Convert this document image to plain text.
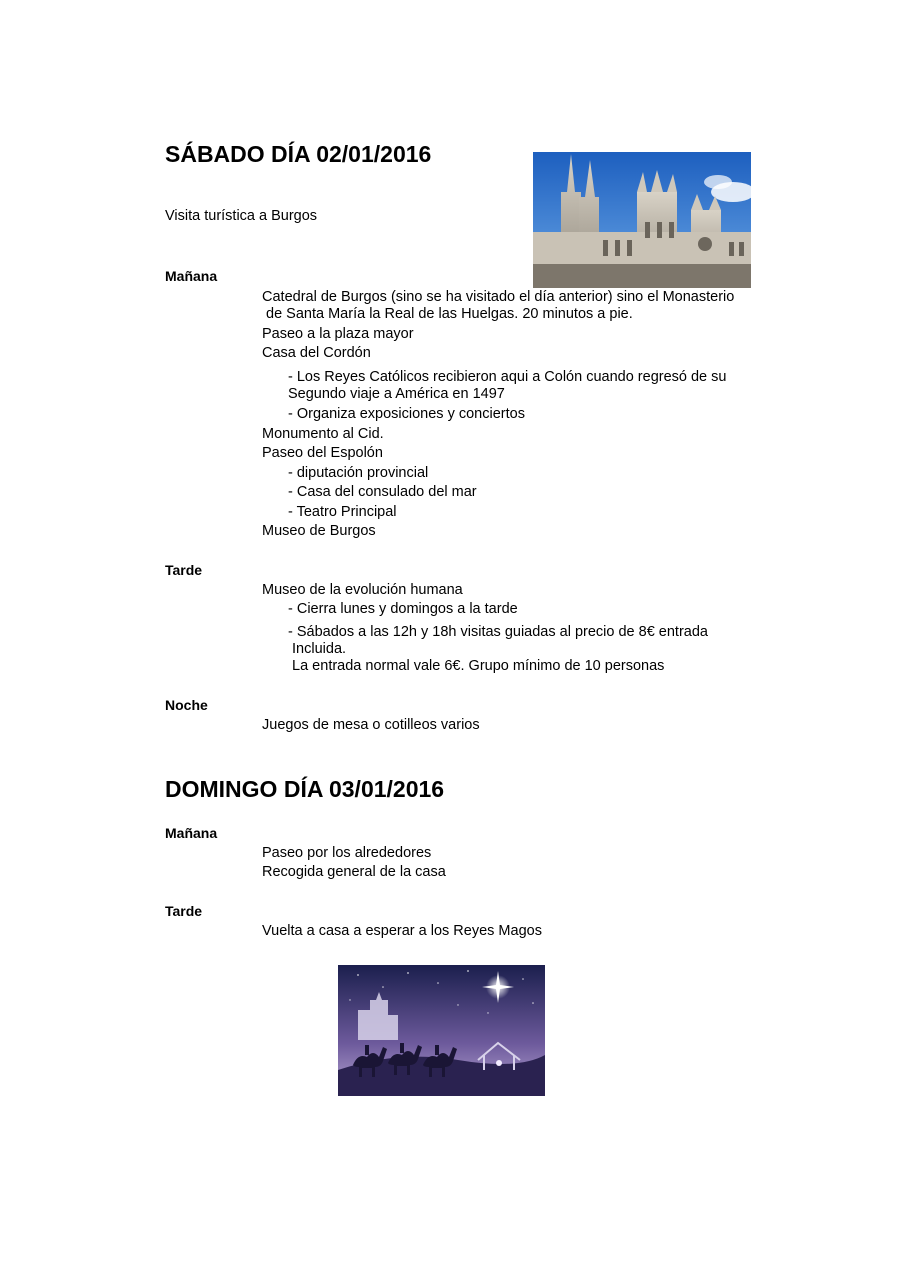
SÁBADO DÍA 02/01/2016
Visita turística a Burgos
Mañana
Catedral de Burgos (sino se ha visitado el día anterior) sino el Monasterio
de Santa María la Real de las Huelgas. 20 minutos a pie.
Paseo a la plaza mayor
Casa del Cordón
- Los Reyes Católicos recibieron aqui a Colón cuando regresó de su
Segundo viaje a América en 1497
- Organiza exposiciones y conciertos
Monumento al Cid.
Paseo del Espolón
- diputación provincial
- Casa del consulado del mar
- Teatro Principal
Museo de Burgos
Tarde
Museo de la evolución humana
- Cierra lunes y domingos a la tarde
- Sábados a las 12h y 18h visitas guiadas al precio de 8€ entrada
Incluida.
La entrada normal vale 6€. Grupo mínimo de 10 personas
Noche
Juegos de mesa o cotilleos varios
DOMINGO DÍA 03/01/2016
Mañana
Paseo por los alrededores
Recogida general de la casa
Tarde
Vuelta a casa a esperar a los Reyes Magos
